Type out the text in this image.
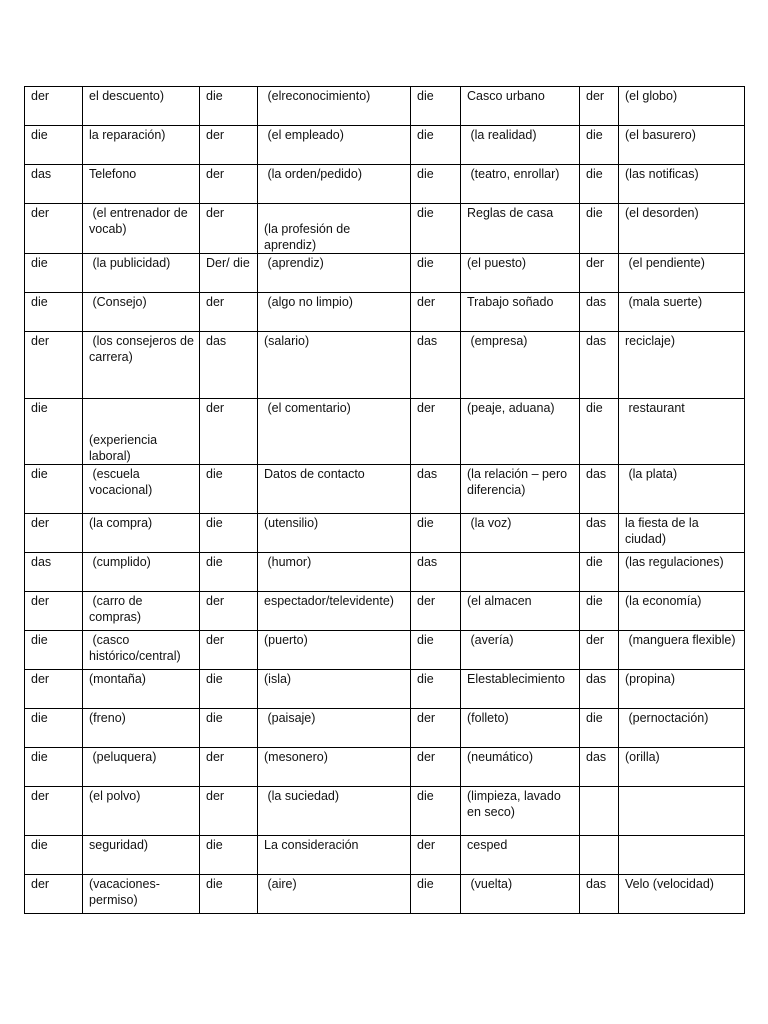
der	el descuento)	die	(elreconocimiento)	die	Casco urbano	der	(el globo)
die	la reparación)	der	(el empleado)	die	(la realidad)	die	(el basurero)
das	Telefono	der	(la orden/pedido)	die	(teatro, enrollar)	die	(las notificas)
der	(el entrenador de vocab)	der	(la profesión de aprendiz)	die	Reglas de casa	die	(el desorden)
die	(la publicidad)	Der/ die	(aprendiz)	die	(el puesto)	der	(el pendiente)
die	(Consejo)	der	(algo no limpio)	der	Trabajo soñado	das	(mala suerte)
der	(los consejeros de carrera)	das	(salario)	das	(empresa)	das	reciclaje)
die	(experiencia laboral)	der	(el comentario)	der	(peaje, aduana)	die	restaurant
die	(escuela vocacional)	die	Datos de contacto	das	(la relación – pero diferencia)	das	(la plata)
der	(la compra)	die	(utensilio)	die	(la voz)	das	la fiesta de la ciudad)
das	(cumplido)	die	(humor)	das		die	(las regulaciones)
der	(carro de compras)	der	espectador/televidente)	der	(el almacen	die	(la economía)
die	(casco histórico/central)	der	(puerto)	die	(avería)	der	(manguera flexible)
der	(montaña)	die	(isla)	die	Elestablecimiento	das	(propina)
die	(freno)	die	(paisaje)	der	(folleto)	die	(pernoctación)
die	(peluquera)	der	(mesonero)	der	(neumático)	das	(orilla)
der	(el polvo)	der	(la suciedad)	die	(limpieza, lavado en seco)		
die	seguridad)	die	La consideración	der	cesped		
der	(vacaciones-permiso)	die	(aire)	die	(vuelta)	das	Velo (velocidad)
